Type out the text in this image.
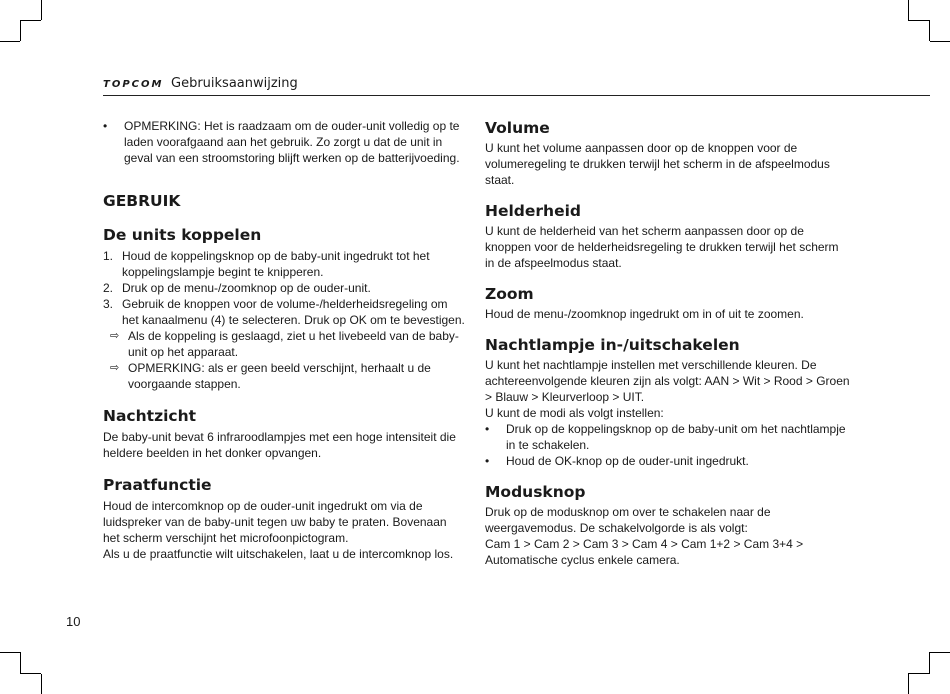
TOPCOM Gebruiksaanwijzing
• OPMERKING: Het is raadzaam om de ouder-unit volledig op te laden voorafgaand aan het gebruik. Zo zorgt u dat de unit in geval van een stroomstoring blijft werken op de batterijvoeding.
GEBRUIK
De units koppelen
1. Houd de koppelingsknop op de baby-unit ingedrukt tot het koppelingslampje begint te knipperen.
2. Druk op de menu-/zoomknop op de ouder-unit.
3. Gebruik de knoppen voor de volume-/helderheidsregeling om het kanaalmenu (4) te selecteren. Druk op OK om te bevestigen.
⇨ Als de koppeling is geslaagd, ziet u het livebeeld van de baby-unit op het apparaat.
⇨ OPMERKING: als er geen beeld verschijnt, herhaalt u de voorgaande stappen.
Nachtzicht

De baby-unit bevat 6 infraroodlampjes met een hoge intensiteit die heldere beelden in het donker opvangen.

Praatfunctie

Houd de intercomknop op de ouder-unit ingedrukt om via de luidspreker van de baby-unit tegen uw baby te praten. Bovenaan het scherm verschijnt het microfoonpictogram.

Als u de praatfunctie wilt uitschakelen, laat u de intercomknop los.

Volume

U kunt het volume aanpassen door op de knoppen voor de volumeregeling te drukken terwijl het scherm in de afspeelmodus staat.

Helderheid

U kunt de helderheid van het scherm aanpassen door op de knoppen voor de helderheidsregeling te drukken terwijl het scherm in de afspeelmodus staat.

Zoom

Houd de menu-/zoomknop ingedrukt om in of uit te zoomen.

Nachtlampje in-/uitschakelen

U kunt het nachtlampje instellen met verschillende kleuren. De achtereenvolgende kleuren zijn als volgt: AAN > Wit > Rood > Groen > Blauw > Kleurverloop > UIT.

U kunt de modi als volgt instellen:

• Druk op de koppelingsknop op de baby-unit om het nachtlampje in te schakelen.
• Houd de OK-knop op de ouder-unit ingedrukt.
Modusknop

Druk op de modusknop om over te schakelen naar de weergavemodus. De schakelvolgorde is als volgt:

Cam 1 > Cam 2 > Cam 3 > Cam 4 > Cam 1+2 > Cam 3+4 > Automatische cyclus enkele camera.

10
